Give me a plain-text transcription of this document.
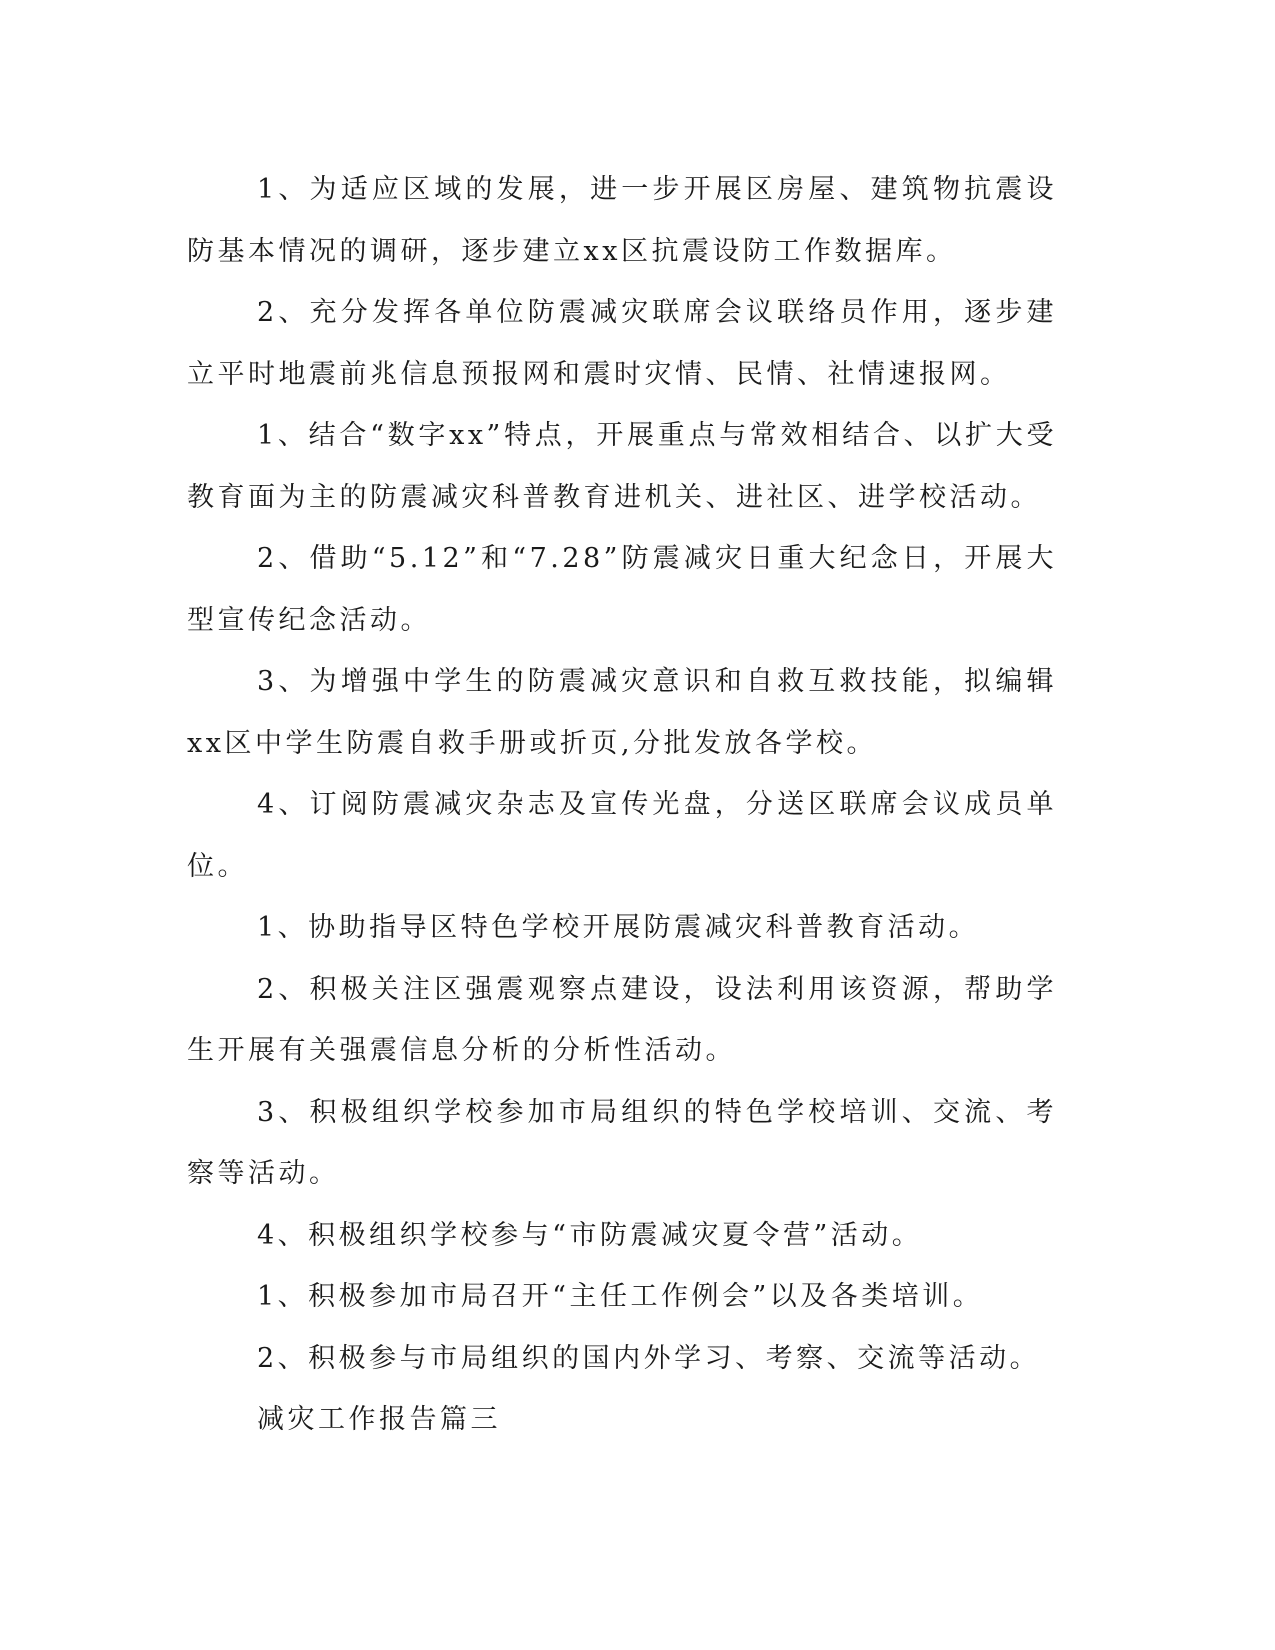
1、为适应区域的发展，进一步开展区房屋、建筑物抗震设防基本情况的调研，逐步建立xx区抗震设防工作数据库。

2、充分发挥各单位防震减灾联席会议联络员作用，逐步建立平时地震前兆信息预报网和震时灾情、民情、社情速报网。

1、结合“数字xx”特点，开展重点与常效相结合、以扩大受教育面为主的防震减灾科普教育进机关、进社区、进学校活动。

2、借助“5.12”和“7.28”防震减灾日重大纪念日，开展大型宣传纪念活动。

3、为增强中学生的防震减灾意识和自救互救技能，拟编辑xx区中学生防震自救手册或折页,分批发放各学校。

4、订阅防震减灾杂志及宣传光盘，分送区联席会议成员单位。

1、协助指导区特色学校开展防震减灾科普教育活动。

2、积极关注区强震观察点建设，设法利用该资源，帮助学生开展有关强震信息分析的分析性活动。

3、积极组织学校参加市局组织的特色学校培训、交流、考察等活动。

4、积极组织学校参与“市防震减灾夏令营”活动。

1、积极参加市局召开“主任工作例会”以及各类培训。

2、积极参与市局组织的国内外学习、考察、交流等活动。

减灾工作报告篇三
